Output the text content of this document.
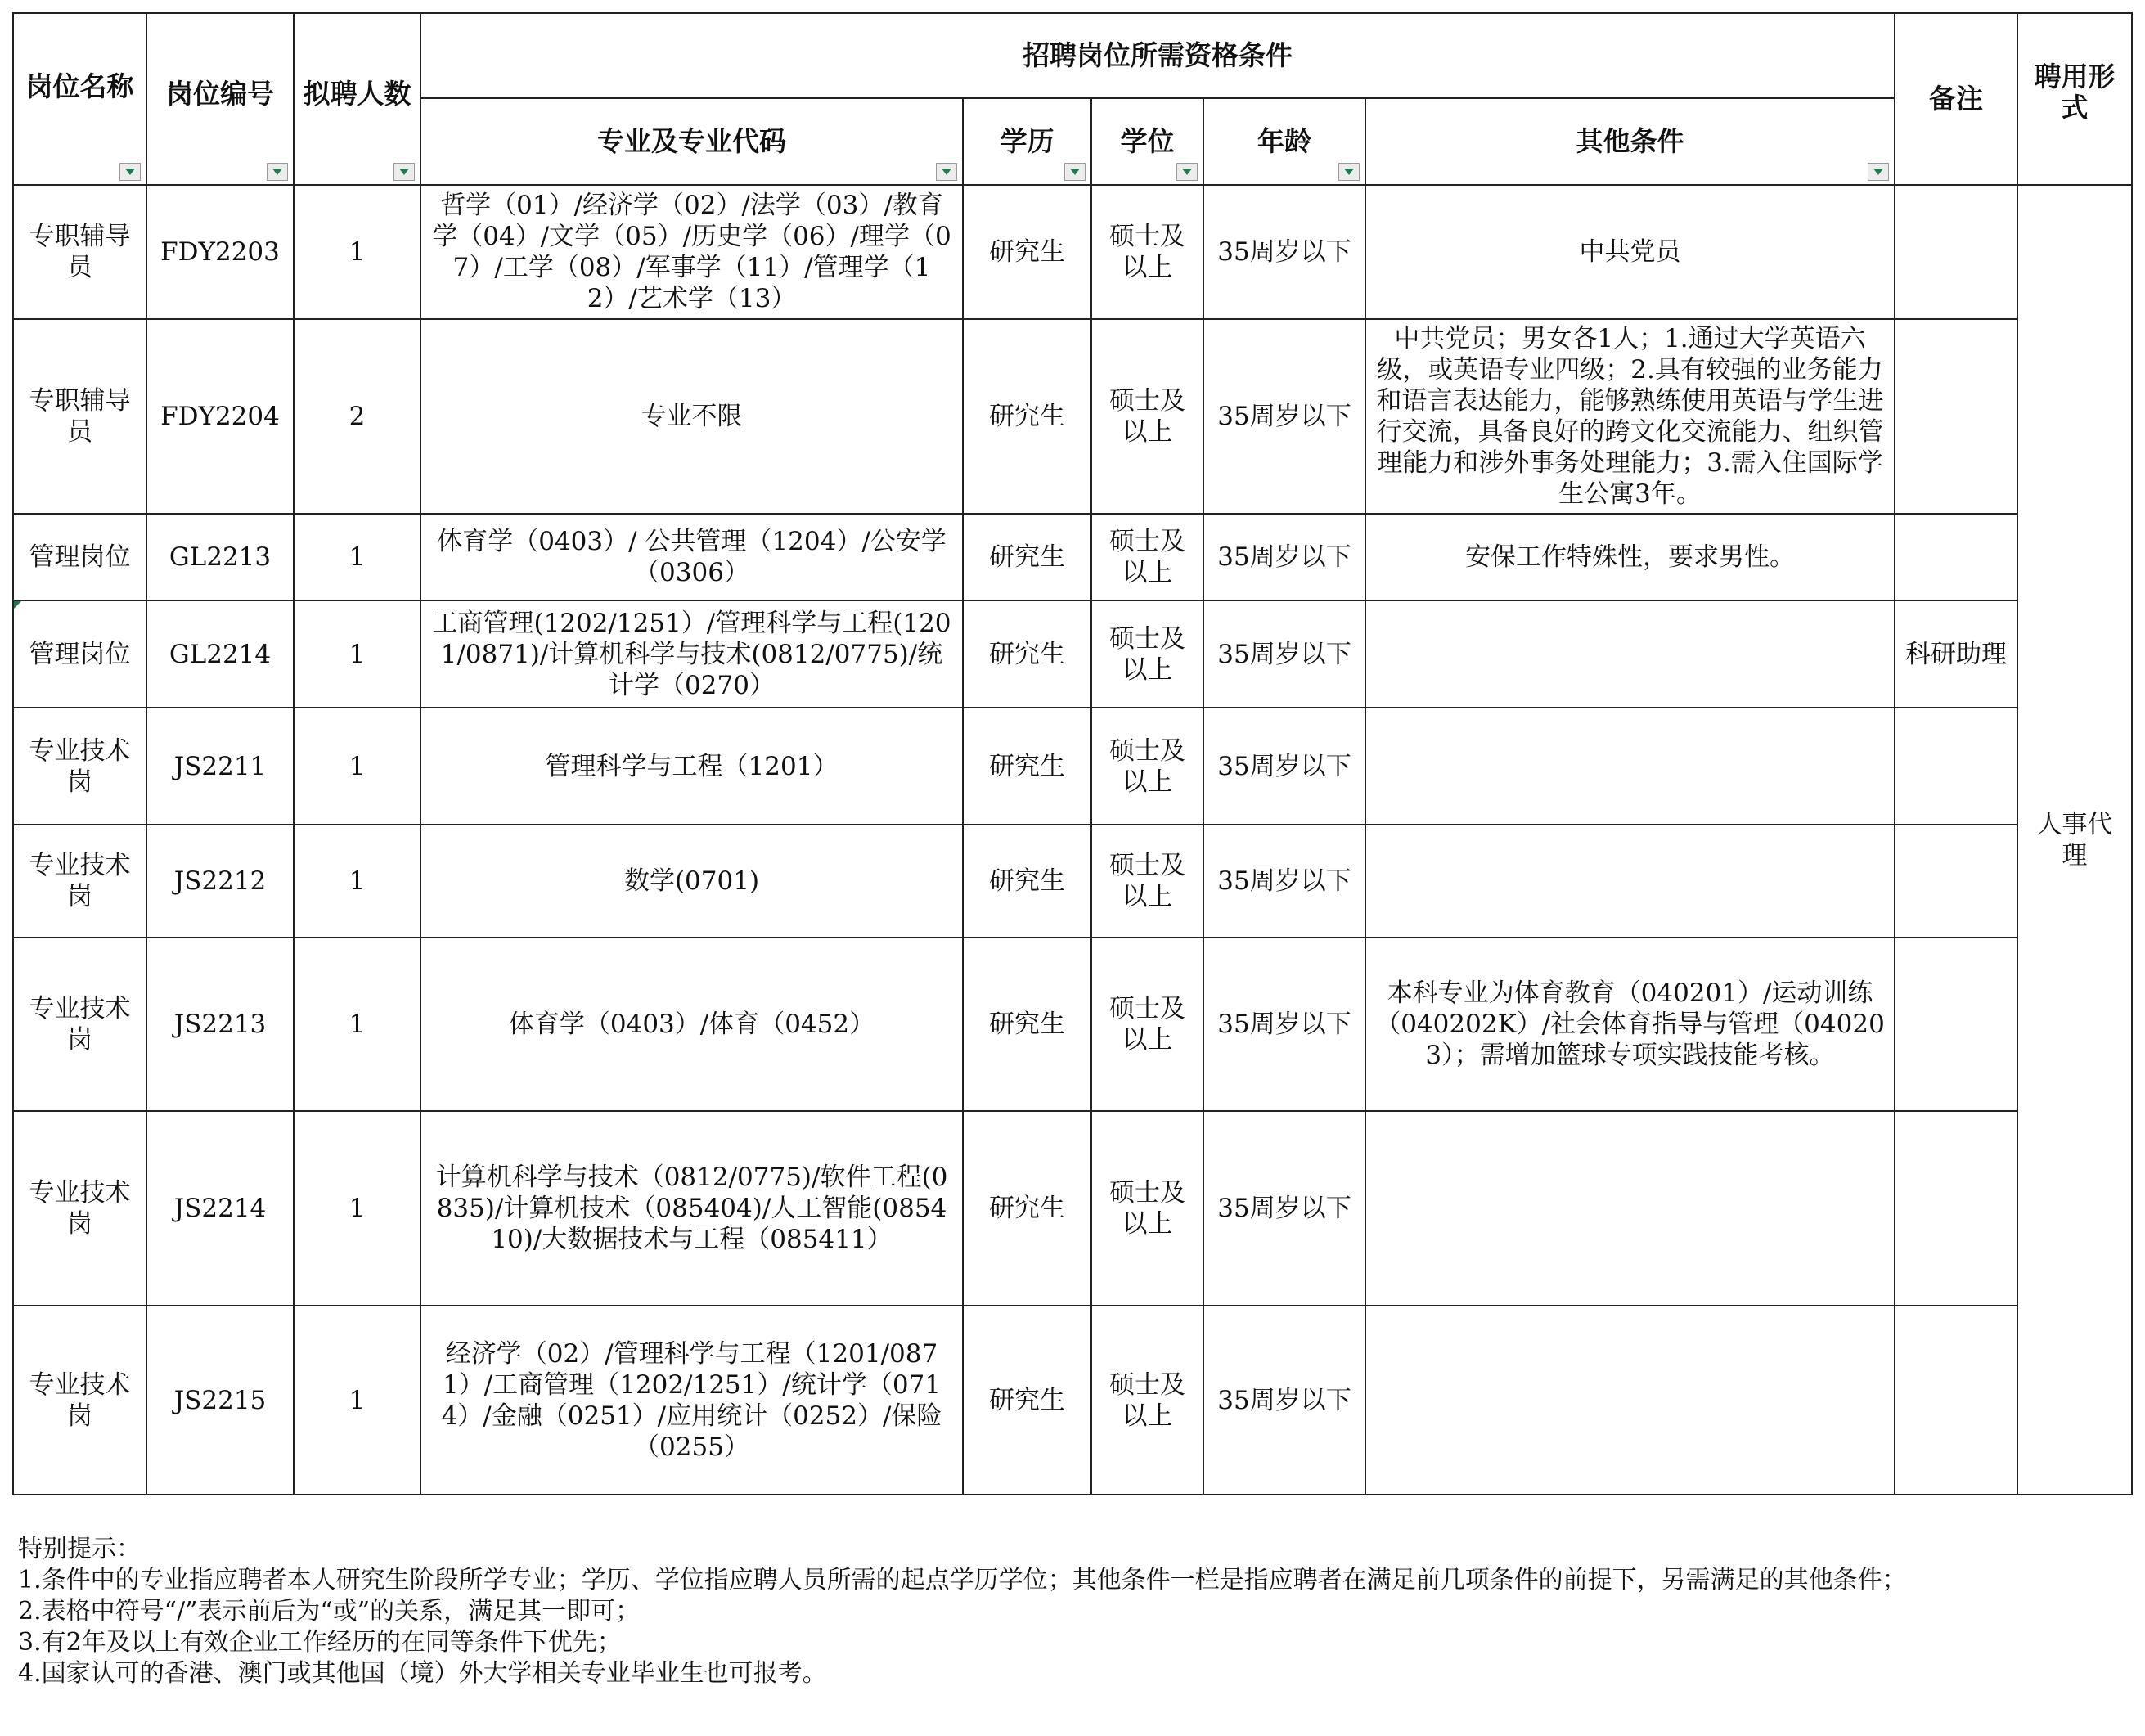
岗位名称	岗位编号	拟聘人数	招聘岗位所需资格条件					备注	聘用形式
			专业及专业代码	学历	学位	年龄	其他条件		

专职辅导员	FDY2203	1	哲学（01）/经济学（02）/法学（03）/教育学（04）/文学（05）/历史学（06）/理学（07）/工学（08）/军事学（11）/管理学（12）/艺术学（13）	研究生	硕士及以上	35周岁以下	中共党员		人事代理
专职辅导员	FDY2204	2	专业不限	研究生	硕士及以上	35周岁以下	中共党员；男女各1人；1.通过大学英语六级，或英语专业四级；2.具有较强的业务能力和语言表达能力，能够熟练使用英语与学生进行交流，具备良好的跨文化交流能力、组织管理能力和涉外事务处理能力；3.需入住国际学生公寓3年。		
管理岗位	GL2213	1	体育学（0403）/ 公共管理（1204）/公安学（0306）	研究生	硕士及以上	35周岁以下	安保工作特殊性，要求男性。		

管理岗位	GL2214	1	工商管理(1202/1251）/管理科学与工程(1201/0871)/计算机科学与技术(0812/0775)/统计学（0270）	研究生	硕士及以上	35周岁以下		科研助理	
专业技术岗	JS2211	1	管理科学与工程（1201）	研究生	硕士及以上	35周岁以下			
专业技术岗	JS2212	1	数学(0701)	研究生	硕士及以上	35周岁以下			
专业技术岗	JS2213	1	体育学（0403）/体育（0452）	研究生	硕士及以上	35周岁以下	本科专业为体育教育（040201）/运动训练（040202K）/社会体育指导与管理（040203）；需增加篮球专项实践技能考核。		
专业技术岗	JS2214	1	计算机科学与技术（0812/0775)/软件工程(0835)/计算机技术（085404)/人工智能(085410)/大数据技术与工程（085411）	研究生	硕士及以上	35周岁以下			
专业技术岗	JS2215	1	经济学（02）/管理科学与工程（1201/0871）/工商管理（1202/1251）/统计学（0714）/金融（0251）/应用统计（0252）/保险（0255）	研究生	硕士及以上	35周岁以下			
特别提示：
1.条件中的专业指应聘者本人研究生阶段所学专业；学历、学位指应聘人员所需的起点学历学位；其他条件一栏是指应聘者在满足前几项条件的前提下，另需满足的其他条件；
2.表格中符号“/”表示前后为“或”的关系，满足其一即可；
3.有2年及以上有效企业工作经历的在同等条件下优先；
4.国家认可的香港、澳门或其他国（境）外大学相关专业毕业生也可报考。
